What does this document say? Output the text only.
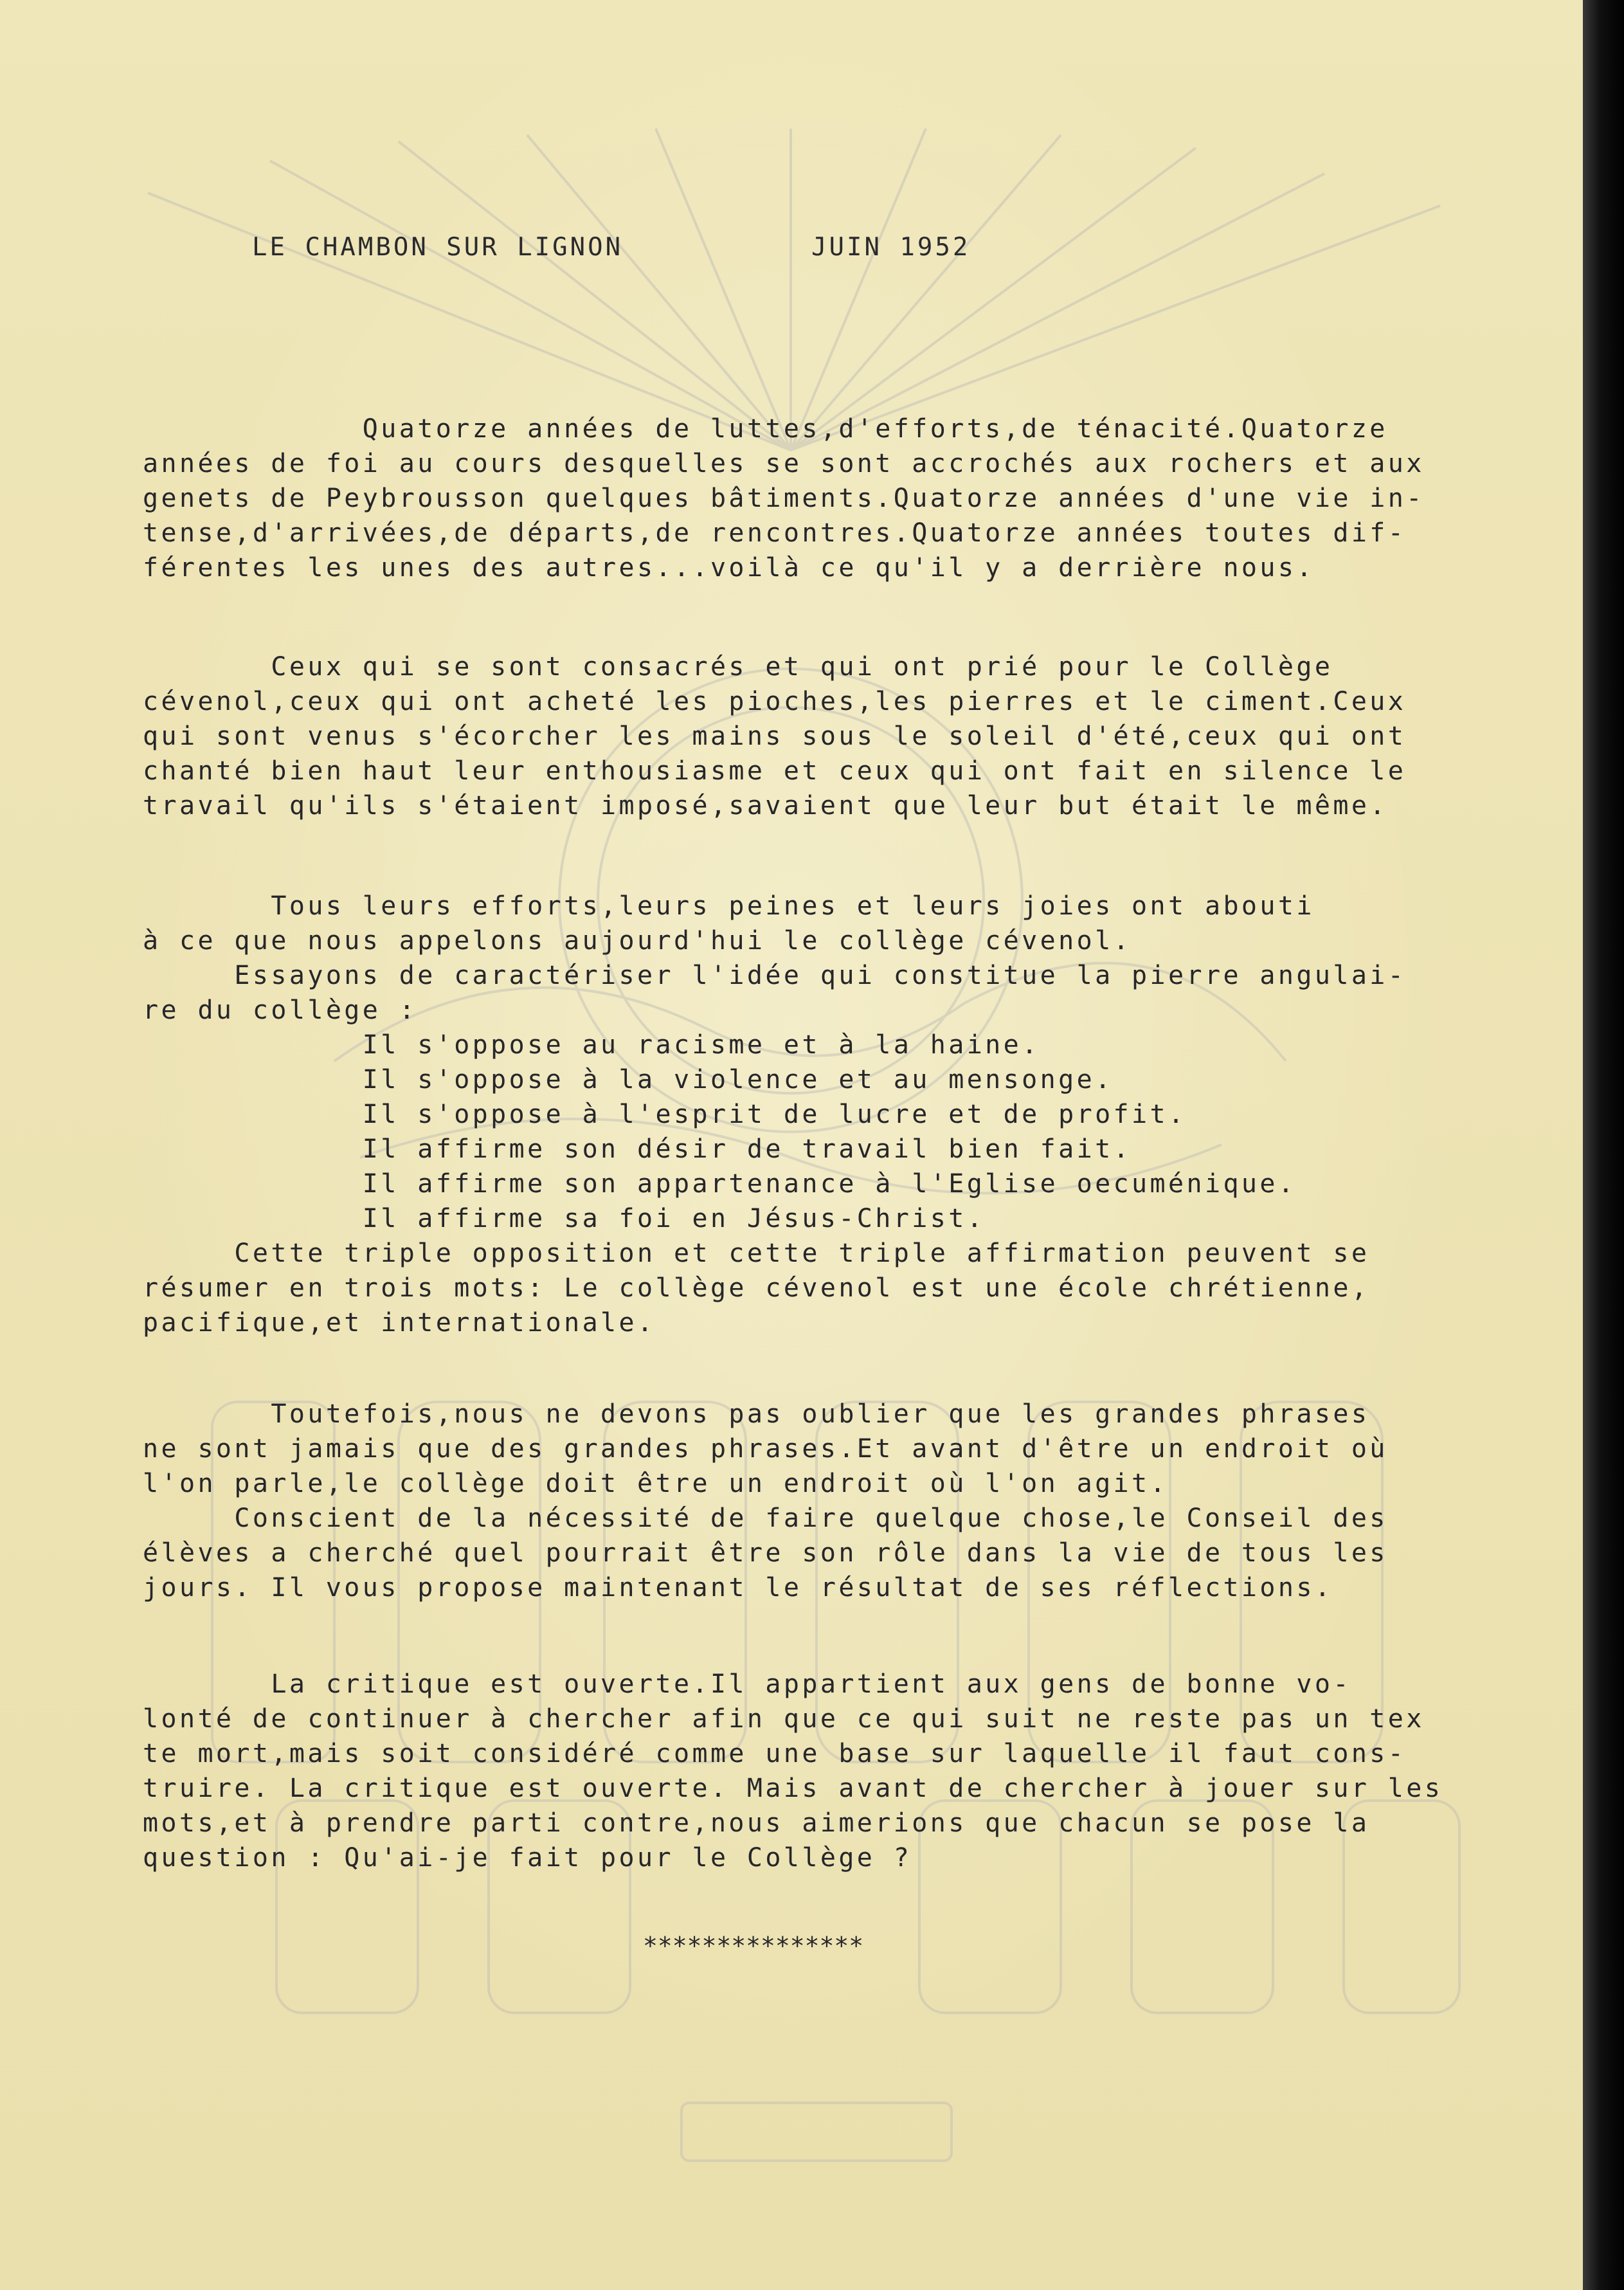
LE CHAMBON SUR LIGNON	JUIN 1952
Quatorze années de luttes,d'efforts,de ténacité.Quatorze
années de foi au cours desquelles se sont accrochés aux rochers et aux
genets de Peybrousson quelques bâtiments.Quatorze années d'une vie in-
tense,d'arrivées,de départs,de rencontres.Quatorze années toutes dif-
férentes les unes des autres...voilà ce qu'il y a derrière nous.
Ceux qui se sont consacrés et qui ont prié pour le Collège
cévenol,ceux qui ont acheté les pioches,les pierres et le ciment.Ceux
qui sont venus s'écorcher les mains sous le soleil d'été,ceux qui ont
chanté bien haut leur enthousiasme et ceux qui ont fait en silence le
travail qu'ils s'étaient imposé,savaient que leur but était le même.
Tous leurs efforts,leurs peines et leurs joies ont abouti
à ce que nous appelons aujourd'hui le collège cévenol.
Essayons de caractériser l'idée qui constitue la pierre angulai-
re du collège :
Il s'oppose au racisme et à la haine.
Il s'oppose à la violence et au mensonge.
Il s'oppose à l'esprit de lucre et de profit.
Il affirme son désir de travail bien fait.
Il affirme son appartenance à l'Eglise oecuménique.
Il affirme sa foi en Jésus-Christ.
Cette triple opposition et cette triple affirmation peuvent se
résumer en trois mots: Le collège cévenol est une école chrétienne,
pacifique,et internationale.
Toutefois,nous ne devons pas oublier que les grandes phrases
ne sont jamais que des grandes phrases.Et avant d'être un endroit où
l'on parle,le collège doit être un endroit où l'on agit.
Conscient de la nécessité de faire quelque chose,le Conseil des
élèves a cherché quel pourrait être son rôle dans la vie de tous les
jours. Il vous propose maintenant le résultat de ses réflections.
La critique est ouverte.Il appartient aux gens de bonne vo-
lonté de continuer à chercher afin que ce qui suit ne reste pas un tex
te mort,mais soit considéré comme une base sur laquelle il faut cons-
truire. La critique est ouverte. Mais avant de chercher à jouer sur les
mots,et à prendre parti contre,nous aimerions que chacun se pose la
question : Qu'ai-je fait pour le Collège ?
***************
